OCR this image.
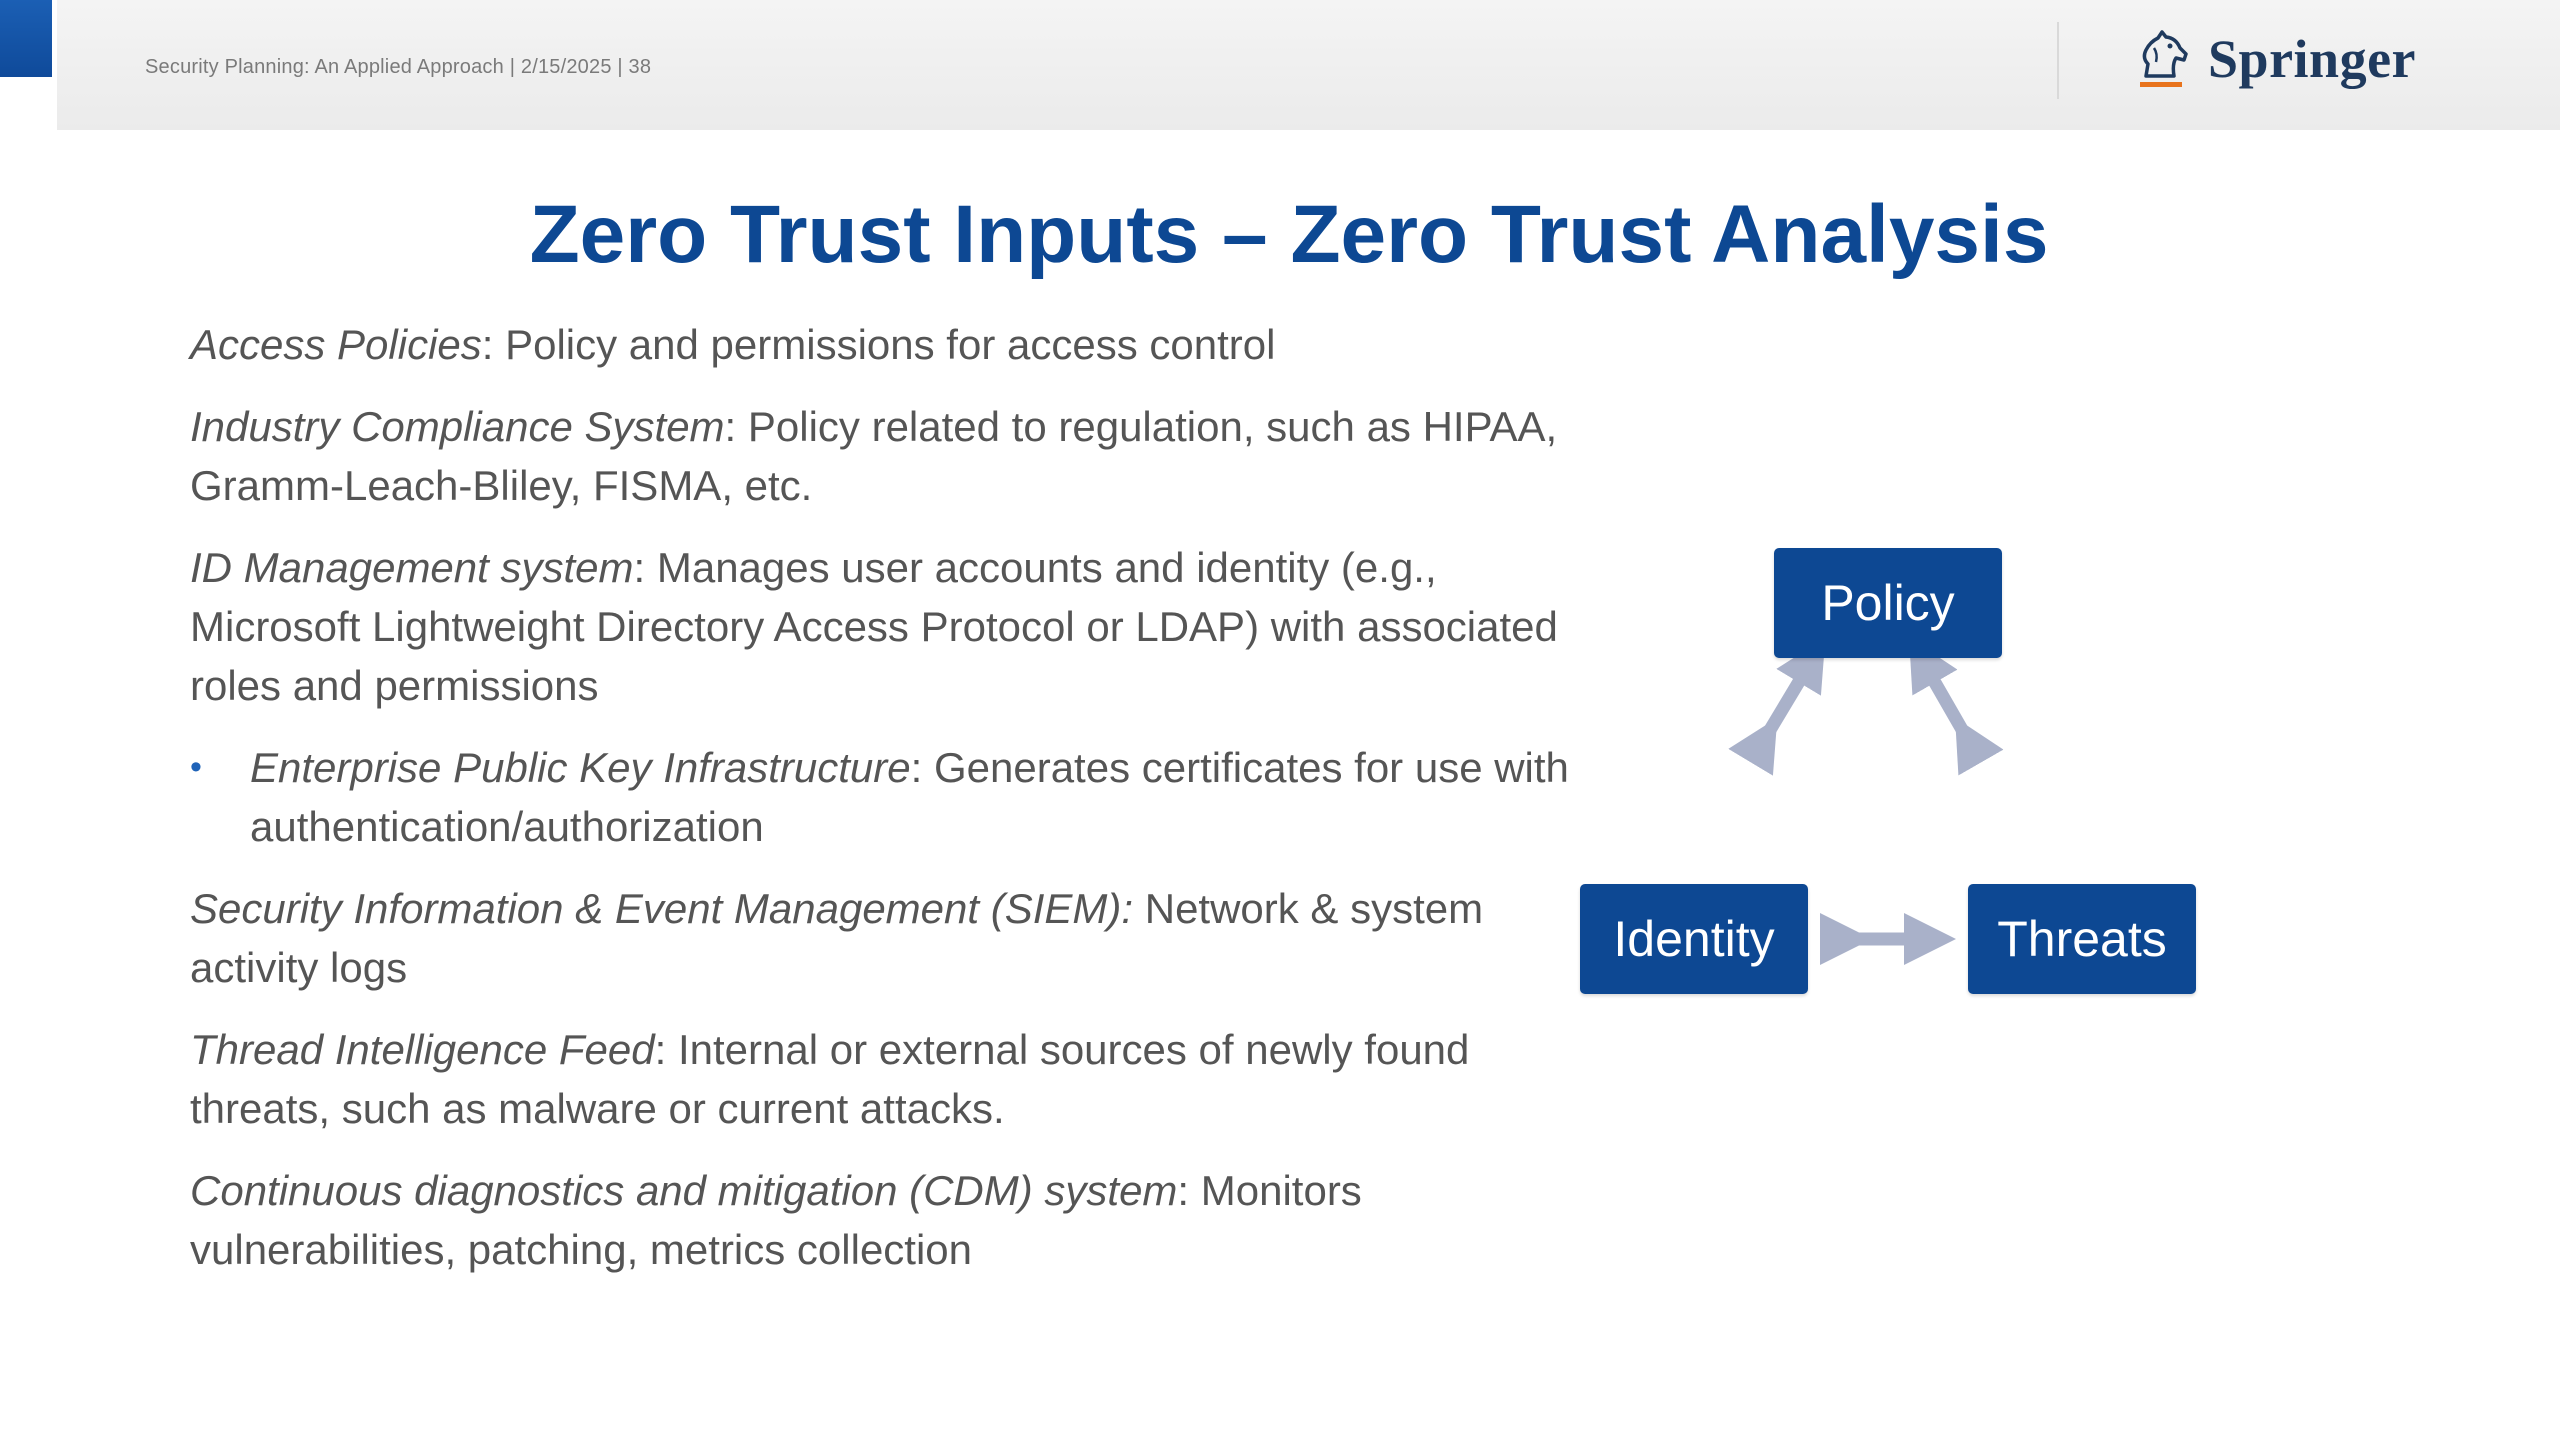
Security Planning: An Applied Approach | 2/15/2025 | 38	Springer
Zero Trust Inputs – Zero Trust Analysis

Access Policies: Policy and permissions for access control

Industry Compliance System: Policy related to regulation, such as HIPAA, Gramm-Leach-Bliley, FISMA, etc.

ID Management system: Manages user accounts and identity (e.g., Microsoft Lightweight Directory Access Protocol or LDAP) with associated roles and permissions

•	Enterprise Public Key Infrastructure: Generates certificates for use with authentication/authorization

Security Information & Event Management (SIEM): Network & system activity logs

Thread Intelligence Feed: Internal or external sources of newly found threats, such as malware or current attacks.

Continuous diagnostics and mitigation (CDM) system: Monitors vulnerabilities, patching, metrics collection

Policy
Identity	Threats
